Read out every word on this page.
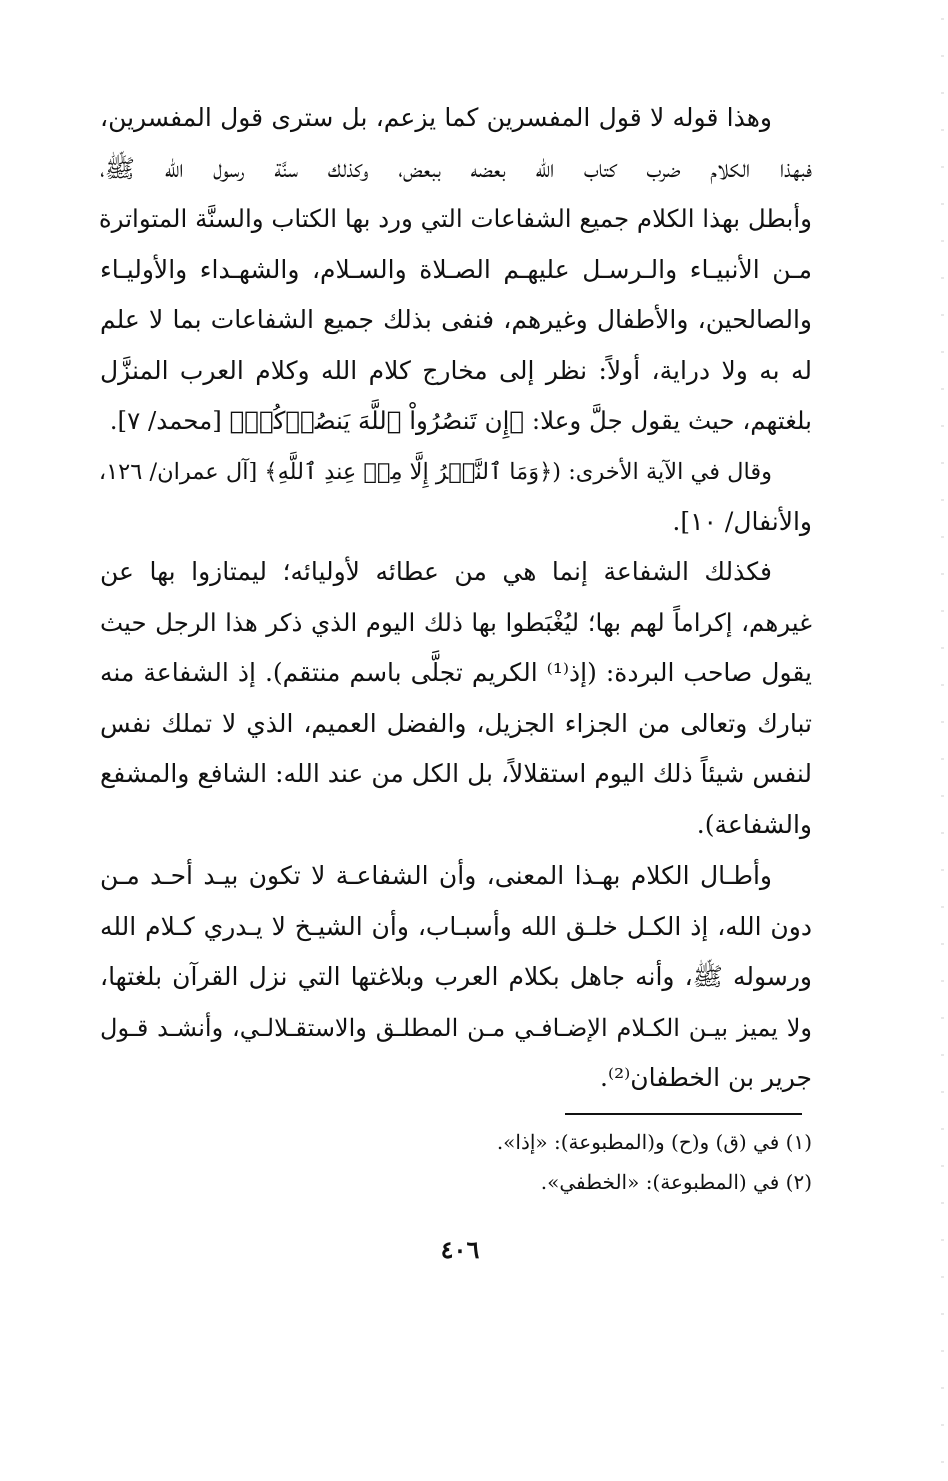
وهذا قوله لا قول المفسرين كما يزعم، بل سترى قول المفسرين،
فبهذا الكلام ضرب كتاب الله بعضه ببعض، وكذلك سنَّة رسول الله ﷺ،
وأبطل بهذا الكلام جميع الشفاعات التي ورد بها الكتاب والسنَّة المتواترة
مـن الأنبيـاء والـرسـل عليهـم الصـلاة والسـلام، والشهـداء والأوليـاء
والصالحين، والأطفال وغيرهم، فنفى بذلك جميع الشفاعات بما لا علم
له به ولا دراية، أولاً: نظر إلى مخارج كلام الله وكلام العرب المنزَّل
بلغتهم، حيث يقول جلَّ وعلا: ﴿إِن تَنصُرُواْ ٱللَّهَ يَنصُرۡكُمۡ﴾ [محمد/ ٧].
وقال في الآية الأخرى: (﴿وَمَا ٱلنَّصۡرُ إِلَّا مِنۡ عِندِ ٱللَّهِ﴾ [آل عمران/ ١٢٦،
والأنفال/ ١٠].
فكذلك الشفاعة إنما هي من عطائه لأوليائه؛ ليمتازوا بها عن
غيرهم، إكراماً لهم بها؛ ليُغْبَطوا بها ذلك اليوم الذي ذكر هذا الرجل حيث
يقول صاحب البردة: (إذ⁽¹⁾ الكريم تجلَّى باسم منتقم). إذ الشفاعة منه
تبارك وتعالى من الجزاء الجزيل، والفضل العميم، الذي لا تملك نفس
لنفس شيئاً ذلك اليوم استقلالاً، بل الكل من عند الله: الشافع والمشفع
والشفاعة).
وأطـال الكلام بهـذا المعنى، وأن الشفاعـة لا تكون بيـد أحـد مـن
دون الله، إذ الكـل خلـق الله وأسبـاب، وأن الشيـخ لا يـدري كـلام الله
ورسوله ﷺ، وأنه جاهل بكلام العرب وبلاغتها التي نزل القرآن بلغتها،
ولا يميز بيـن الكـلام الإضـافـي مـن المطلـق والاستقـلالـي، وأنشـد قـول
جرير بن الخطفان⁽²⁾.
(١) في (ق) و(ح) و(المطبوعة): «إذا».
(٢) في (المطبوعة): «الخطفي».
٤٠٦
